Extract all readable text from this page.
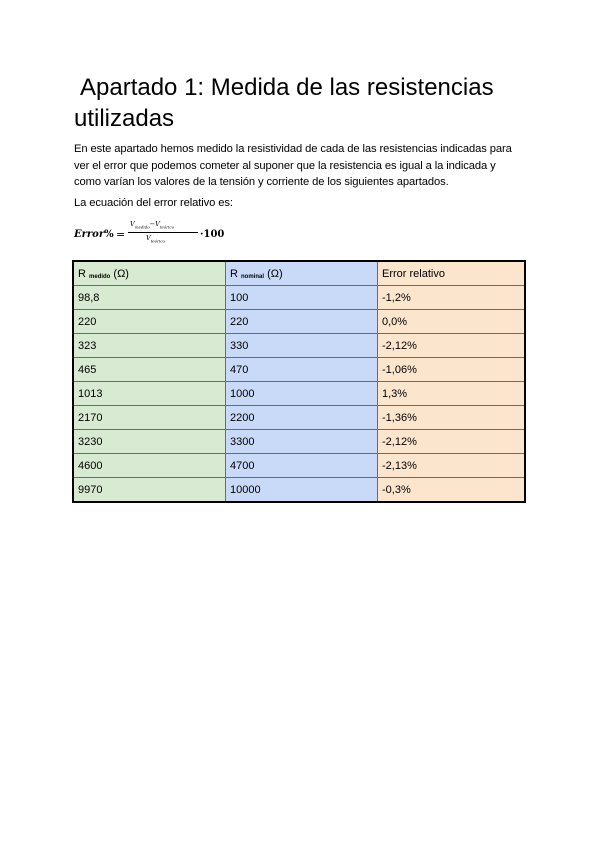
Apartado 1: Medida de las resistencias utilizadas

En este apartado hemos medido la resistividad de cada de las resistencias indicadas para ver el error que podemos cometer al suponer que la resistencia es igual a la indicada y como varían los valores de la tensión y corriente de los siguientes apartados.

La ecuación del error relativo es:

Error% =
$V_{medido}-V_{teórico}$
$V_{teórico}$
·100
R $_{medido}$ (Ω)	R $_{nominal}$ (Ω)	Error relativo
98,8	100	-1,2%
220	220	0,0%
323	330	-2,12%
465	470	-1,06%
1013	1000	1,3%
2170	2200	-1,36%
3230	3300	-2,12%
4600	4700	-2,13%
9970	10000	-0,3%
